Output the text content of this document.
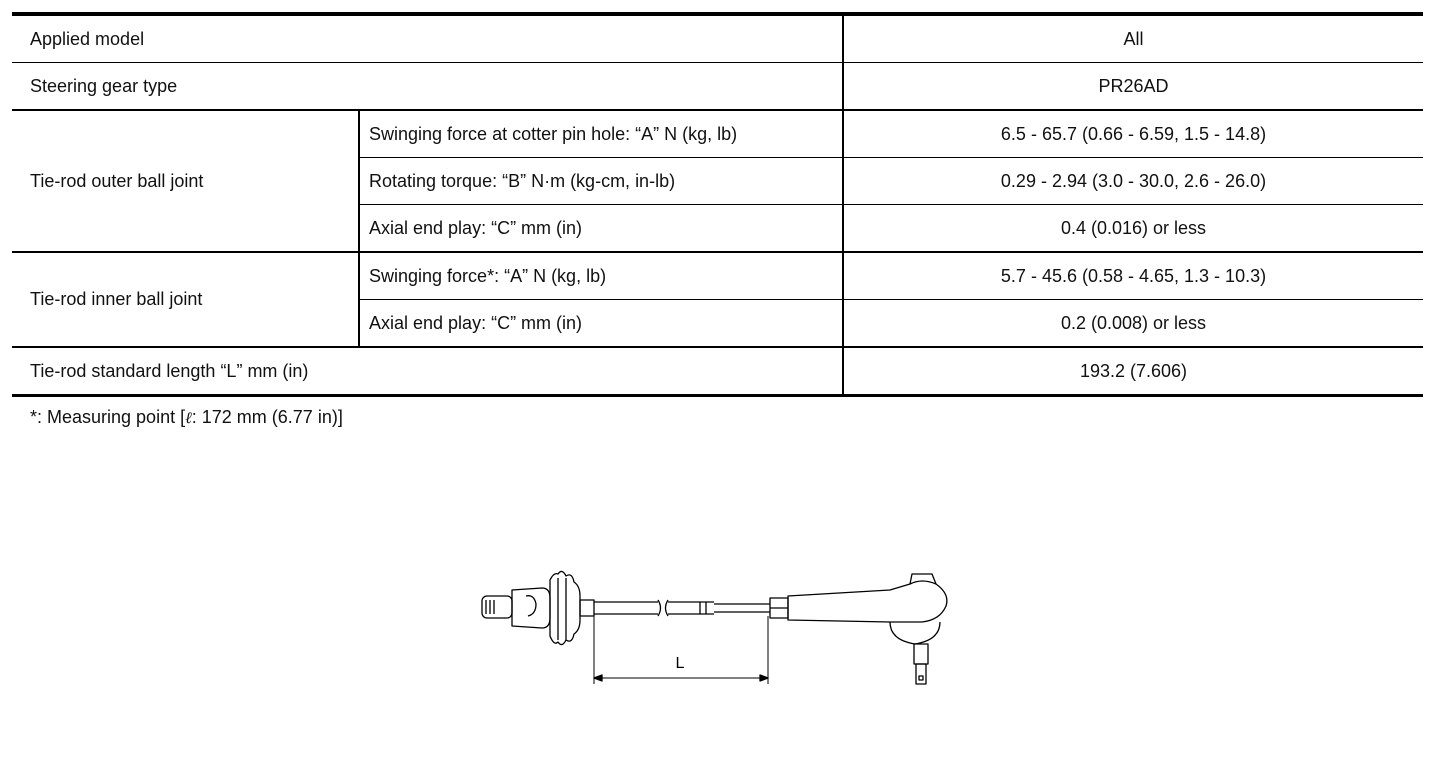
Applied model		All
Steering gear type		PR26AD
Tie-rod outer ball joint	Swinging force at cotter pin hole: “A” N (kg, lb)	6.5 - 65.7 (0.66 - 6.59, 1.5 - 14.8)
	Rotating torque: “B” N·m (kg-cm, in-lb)	0.29 - 2.94 (3.0 - 30.0, 2.6 - 26.0)
	Axial end play: “C” mm (in)	0.4 (0.016) or less
Tie-rod inner ball joint	Swinging force*: “A” N (kg, lb)	5.7 - 45.6 (0.58 - 4.65, 1.3 - 10.3)
	Axial end play: “C” mm (in)	0.2 (0.008) or less
Tie-rod standard length “L” mm (in)		193.2 (7.606)
*: Measuring point [ℓ: 172 mm (6.77 in)]
L
